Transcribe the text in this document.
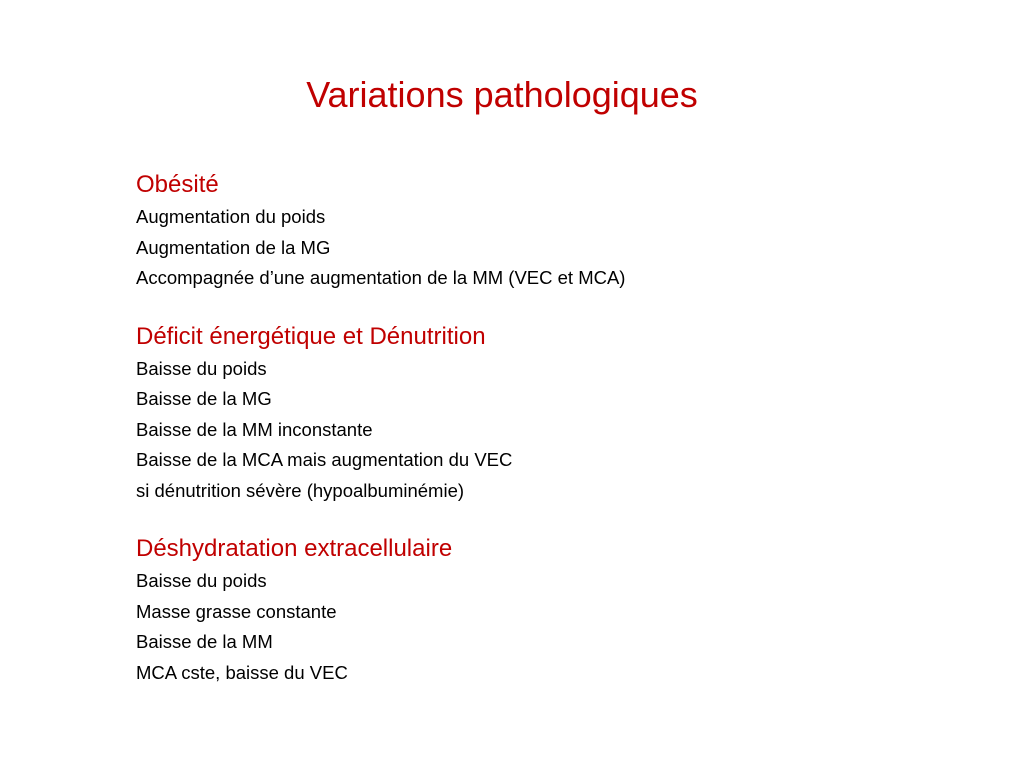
Variations pathologiques
Obésité
Augmentation du poids
Augmentation de la MG
Accompagnée d’une augmentation de la MM (VEC et MCA)
Déficit énergétique et Dénutrition
Baisse du poids
Baisse de la MG
Baisse de la MM inconstante
Baisse de la MCA mais augmentation du VEC
si dénutrition sévère (hypoalbuminémie)
Déshydratation extracellulaire
Baisse du poids
Masse grasse constante
Baisse de la MM
MCA cste, baisse du VEC
